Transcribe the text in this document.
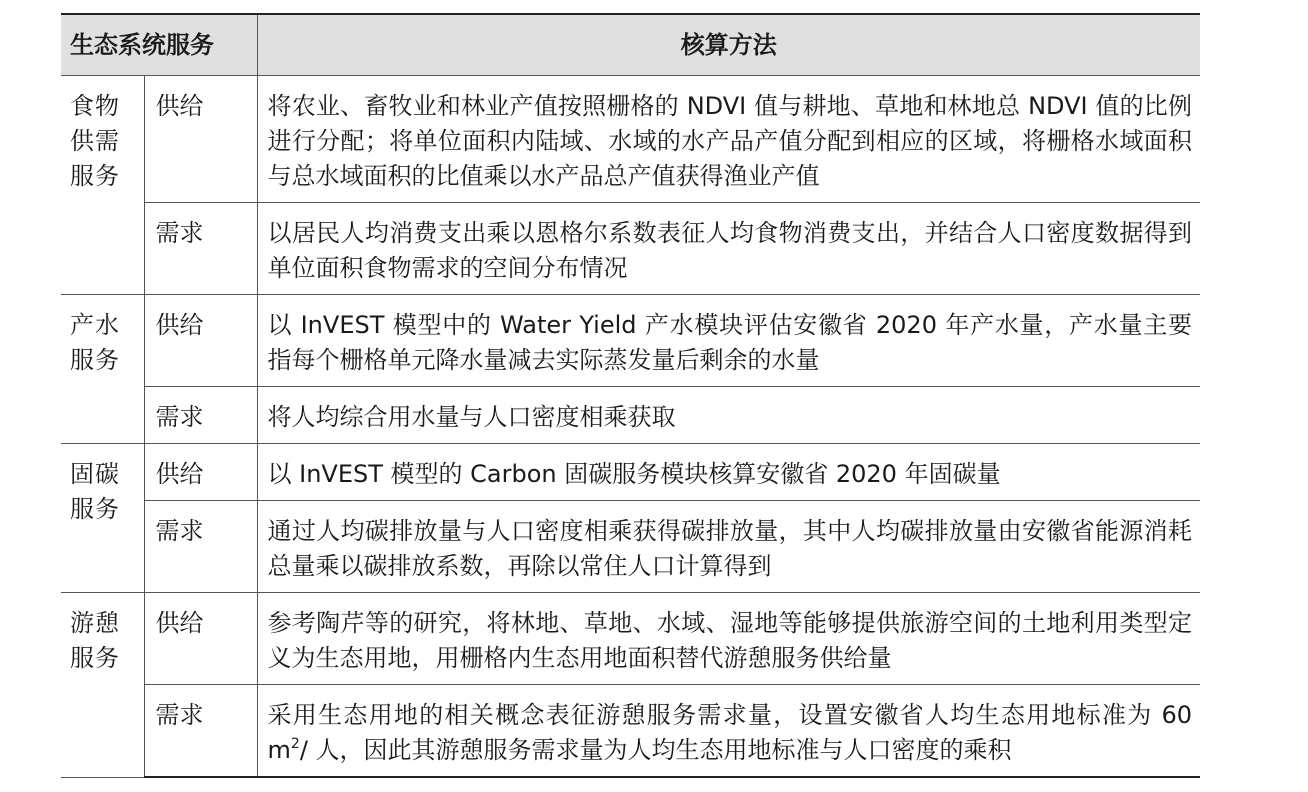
生态系统服务		核算方法

食物
供需
服务	供给	将农业、畜牧业和林业产值按照栅格的 NDVI 值与耕地、草地和林地总 NDVI 值的比例进行分配；将单位面积内陆域、水域的水产品产值分配到相应的区域，将栅格水域面积与总水域面积的比值乘以水产品总产值获得渔业产值
	需求	以居民人均消费支出乘以恩格尔系数表征人均食物消费支出，并结合人口密度数据得到单位面积食物需求的空间分布情况

产水
服务	供给	以 InVEST 模型中的 Water Yield 产水模块评估安徽省 2020 年产水量，产水量主要指每个栅格单元降水量减去实际蒸发量后剩余的水量
	需求	将人均综合用水量与人口密度相乘获取

固碳
服务	供给	以 InVEST 模型的 Carbon 固碳服务模块核算安徽省 2020 年固碳量
	需求	通过人均碳排放量与人口密度相乘获得碳排放量，其中人均碳排放量由安徽省能源消耗总量乘以碳排放系数，再除以常住人口计算得到

游憩
服务	供给	参考陶芹等的研究，将林地、草地、水域、湿地等能够提供旅游空间的土地利用类型定义为生态用地，用栅格内生态用地面积替代游憩服务供给量
	需求	采用生态用地的相关概念表征游憩服务需求量，设置安徽省人均生态用地标准为 60 $m^2/$ 人，因此其游憩服务需求量为人均生态用地标准与人口密度的乘积
